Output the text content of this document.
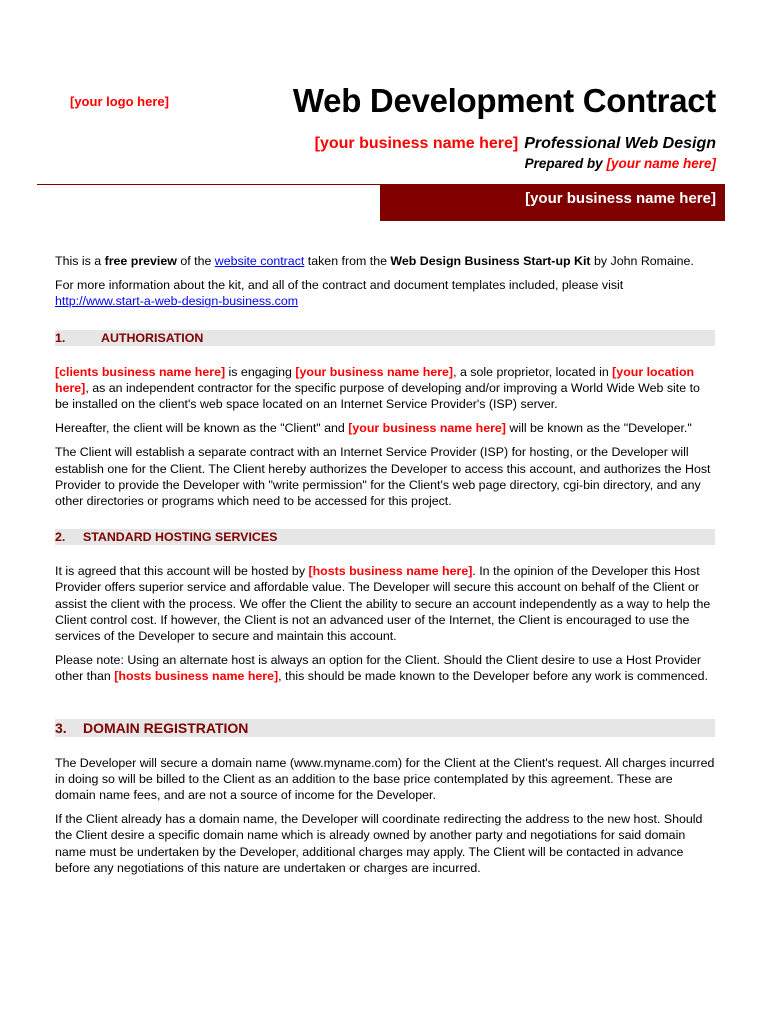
[your logo here]	Web Development Contract
[your business name here] Professional Web Design
Prepared by [your name here]
[your business name here]

This is a free preview of the website contract taken from the Web Design Business Start-up Kit by John Romaine.

For more information about the kit, and all of the contract and document templates included, please visit
http://www.start-a-web-design-business.com

1.	AUTHORISATION

[clients business name here] is engaging [your business name here], a sole proprietor, located in [your location here], as an independent contractor for the specific purpose of developing and/or improving a World Wide Web site to be installed on the client's web space located on an Internet Service Provider's (ISP) server.

Hereafter, the client will be known as the "Client" and [your business name here] will be known as the "Developer."

The Client will establish a separate contract with an Internet Service Provider (ISP) for hosting, or the Developer will establish one for the Client. The Client hereby authorizes the Developer to access this account, and authorizes the Host Provider to provide the Developer with "write permission" for the Client's web page directory, cgi-bin directory, and any other directories or programs which need to be accessed for this project.

2. STANDARD HOSTING SERVICES

It is agreed that this account will be hosted by [hosts business name here]. In the opinion of the Developer this Host Provider offers superior service and affordable value. The Developer will secure this account on behalf of the Client or assist the client with the process. We offer the Client the ability to secure an account independently as a way to help the Client control cost. If however, the Client is not an advanced user of the Internet, the Client is encouraged to use the services of the Developer to secure and maintain this account.

Please note: Using an alternate host is always an option for the Client. Should the Client desire to use a Host Provider other than [hosts business name here], this should be made known to the Developer before any work is commenced.

3. DOMAIN REGISTRATION

The Developer will secure a domain name (www.myname.com) for the Client at the Client's request. All charges incurred in doing so will be billed to the Client as an addition to the base price contemplated by this agreement. These are domain name fees, and are not a source of income for the Developer.

If the Client already has a domain name, the Developer will coordinate redirecting the address to the new host. Should the Client desire a specific domain name which is already owned by another party and negotiations for said domain name must be undertaken by the Developer, additional charges may apply. The Client will be contacted in advance before any negotiations of this nature are undertaken or charges are incurred.
